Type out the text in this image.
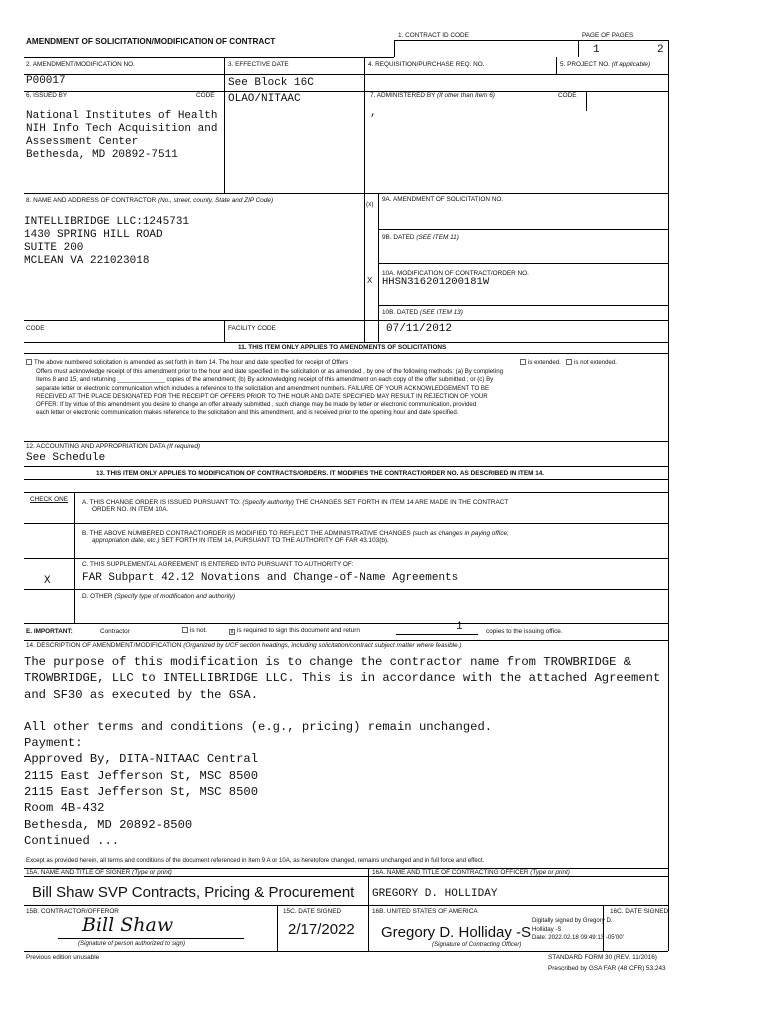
AMENDMENT OF SOLICITATION/MODIFICATION OF CONTRACT
1. CONTRACT ID CODE	PAGE OF PAGES
1	2
2. AMENDMENT/MODIFICATION NO.
P00017
3. EFFECTIVE DATE
See Block 16C
4. REQUISITION/PURCHASE REQ. NO.	5. PROJECT NO. (If applicable)
6. ISSUED BY	CODE OLAO/NITAAC
National Institutes of Health
NIH Info Tech Acquisition and
Assessment Center
Bethesda, MD 20892-7511
7. ADMINISTERED BY (If other than Item 6)	CODE
,
8. NAME AND ADDRESS OF CONTRACTOR (No., street, county, State and ZIP Code)
INTELLIBRIDGE LLC:1245731
1430 SPRING HILL ROAD
SUITE 200
MCLEAN VA 221023018
(x)
9A. AMENDMENT OF SOLICITATION NO.
9B. DATED (SEE ITEM 11)
X
10A. MODIFICATION OF CONTRACT/ORDER NO.
HHSN316201200181W
10B. DATED (SEE ITEM 13)
07/11/2012
CODE	FACILITY CODE
11. THIS ITEM ONLY APPLIES TO AMENDMENTS OF SOLICITATIONS
The above numbered solicitation is amended as set forth in Item 14. The hour and date specified for receipt of Offers	is extended. is not extended.
Offers must acknowledge receipt of this amendment prior to the hour and date specified in the solicitation or as amended , by one of the following methods: (a) By completing
Items 8 and 15, and returning ______________ copies of the amendment; (b) By acknowledging receipt of this amendment on each copy of the offer submitted ; or (c) By
separate letter or electronic communication which includes a reference to the solicitation and amendment numbers. FAILURE OF YOUR ACKNOWLEDGEMENT TO BE
RECEIVED AT THE PLACE DESIGNATED FOR THE RECEIPT OF OFFERS PRIOR TO THE HOUR AND DATE SPECIFIED MAY RESULT IN REJECTION OF YOUR
OFFER. If by virtue of this amendment you desire to change an offer already submitted , such change may be made by letter or electronic communication, provided
each letter or electronic communication makes reference to the solicitation and this amendment, and is received prior to the opening hour and date specified.
12. ACCOUNTING AND APPROPRIATION DATA (If required)
See Schedule
13. THIS ITEM ONLY APPLIES TO MODIFICATION OF CONTRACTS/ORDERS. IT MODIFIES THE CONTRACT/ORDER NO. AS DESCRIBED IN ITEM 14.
CHECK ONE A. THIS CHANGE ORDER IS ISSUED PURSUANT TO: (Specify authority) THE CHANGES SET FORTH IN ITEM 14 ARE MADE IN THE CONTRACT
ORDER NO. IN ITEM 10A.
B. THE ABOVE NUMBERED CONTRACT/ORDER IS MODIFIED TO REFLECT THE ADMINISTRATIVE CHANGES (such as changes in paying office,
appropriation date, etc.) SET FORTH IN ITEM 14, PURSUANT TO THE AUTHORITY OF FAR 43.103(b).
C. THIS SUPPLEMENTAL AGREEMENT IS ENTERED INTO PURSUANT TO AUTHORITY OF:
X	FAR Subpart 42.12 Novations and Change-of-Name Agreements
D. OTHER (Specify type of modification and authority)
E. IMPORTANT:	Contractor	is not.	x is required to sign this document and return	1	copies to the issuing office.
14. DESCRIPTION OF AMENDMENT/MODIFICATION (Organized by UCF section headings, including solicitation/contract subject matter where feasible.)
The purpose of this modification is to change the contractor name from TROWBRIDGE &
TROWBRIDGE, LLC to INTELLIBRIDGE LLC. This is in accordance with the attached Agreement
and SF30 as executed by the GSA.
All other terms and conditions (e.g., pricing) remain unchanged.
Payment:
Approved By, DITA-NITAAC Central
2115 East Jefferson St, MSC 8500
2115 East Jefferson St, MSC 8500
Room 4B-432
Bethesda, MD 20892-8500
Continued ...
Except as provided herein, all terms and conditions of the document referenced in Item 9 A or 10A, as heretofore changed, remains unchanged and in full force and effect.
15A. NAME AND TITLE OF SIGNER (Type or print)
Bill Shaw SVP Contracts, Pricing & Procurement
16A. NAME AND TITLE OF CONTRACTING OFFICER (Type or print)
GREGORY D. HOLLIDAY
15B. CONTRACTOR/OFFEROR
Bill Shaw
(Signature of person authorized to sign)
15C. DATE SIGNED
2/17/2022
16B. UNITED STATES OF AMERICA
Gregory D. Holliday -S
Digitally signed by Gregory D.
Holliday -S
Date: 2022.02.18 09:49:13 -05'00'
(Signature of Contracting Officer)
16C. DATE SIGNED
Previous edition unusable	STANDARD FORM 30 (REV. 11/2016)
Prescribed by GSA FAR (48 CFR) 53.243
